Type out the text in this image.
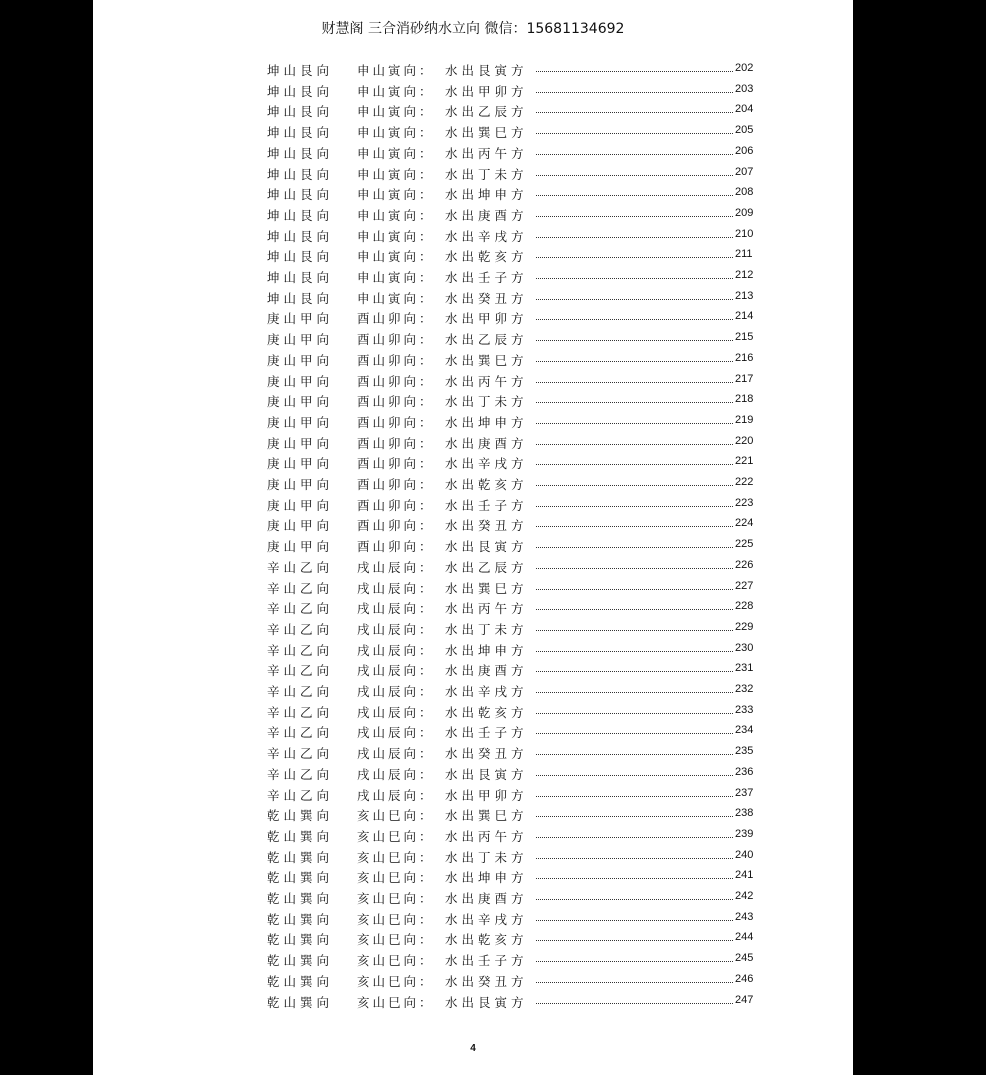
财慧阁 三合消砂纳水立向 微信：15681134692
坤山艮向 申山寅向： 水出艮寅方	202
坤山艮向 申山寅向： 水出甲卯方	203
坤山艮向 申山寅向： 水出乙辰方	204
坤山艮向 申山寅向： 水出巽巳方	205
坤山艮向 申山寅向： 水出丙午方	206
坤山艮向 申山寅向： 水出丁未方	207
坤山艮向 申山寅向： 水出坤申方	208
坤山艮向 申山寅向： 水出庚酉方	209
坤山艮向 申山寅向： 水出辛戌方	210
坤山艮向 申山寅向： 水出乾亥方	211
坤山艮向 申山寅向： 水出壬子方	212
坤山艮向 申山寅向： 水出癸丑方	213
庚山甲向 酉山卯向： 水出甲卯方	214
庚山甲向 酉山卯向： 水出乙辰方	215
庚山甲向 酉山卯向： 水出巽巳方	216
庚山甲向 酉山卯向： 水出丙午方	217
庚山甲向 酉山卯向： 水出丁未方	218
庚山甲向 酉山卯向： 水出坤申方	219
庚山甲向 酉山卯向： 水出庚酉方	220
庚山甲向 酉山卯向： 水出辛戌方	221
庚山甲向 酉山卯向： 水出乾亥方	222
庚山甲向 酉山卯向： 水出壬子方	223
庚山甲向 酉山卯向： 水出癸丑方	224
庚山甲向 酉山卯向： 水出艮寅方	225
辛山乙向 戌山辰向： 水出乙辰方	226
辛山乙向 戌山辰向： 水出巽巳方	227
辛山乙向 戌山辰向： 水出丙午方	228
辛山乙向 戌山辰向： 水出丁未方	229
辛山乙向 戌山辰向： 水出坤申方	230
辛山乙向 戌山辰向： 水出庚酉方	231
辛山乙向 戌山辰向： 水出辛戌方	232
辛山乙向 戌山辰向： 水出乾亥方	233
辛山乙向 戌山辰向： 水出壬子方	234
辛山乙向 戌山辰向： 水出癸丑方	235
辛山乙向 戌山辰向： 水出艮寅方	236
辛山乙向 戌山辰向： 水出甲卯方	237
乾山巽向 亥山巳向： 水出巽巳方	238
乾山巽向 亥山巳向： 水出丙午方	239
乾山巽向 亥山巳向： 水出丁未方	240
乾山巽向 亥山巳向： 水出坤申方	241
乾山巽向 亥山巳向： 水出庚酉方	242
乾山巽向 亥山巳向： 水出辛戌方	243
乾山巽向 亥山巳向： 水出乾亥方	244
乾山巽向 亥山巳向： 水出壬子方	245
乾山巽向 亥山巳向： 水出癸丑方	246
乾山巽向 亥山巳向： 水出艮寅方	247
4
